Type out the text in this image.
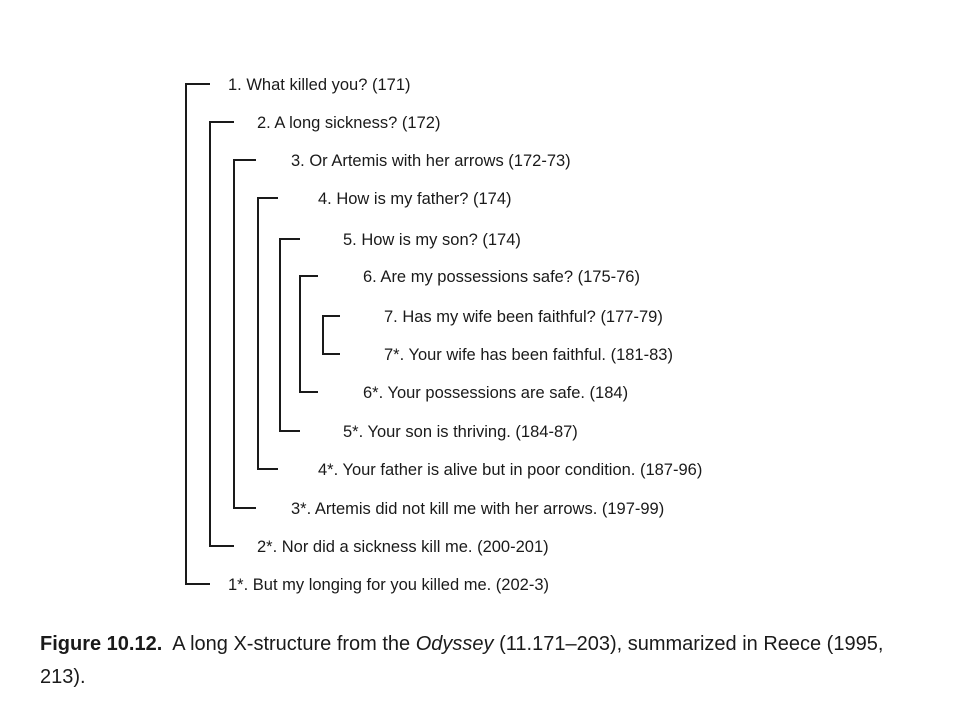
1. What killed you? (171)
2. A long sickness? (172)
3. Or Artemis with her arrows (172-73)
4. How is my father? (174)
5. How is my son? (174)
6. Are my possessions safe? (175-76)
7. Has my wife been faithful? (177-79)
7*. Your wife has been faithful. (181-83)
6*. Your possessions are safe. (184)
5*. Your son is thriving. (184-87)
4*. Your father is alive but in poor condition. (187-96)
3*. Artemis did not kill me with her arrows. (197-99)
2*. Nor did a sickness kill me. (200-201)
1*. But my longing for you killed me. (202-3)
Figure 10.12. A long X-structure from the Odyssey (11.171–203), summarized in Reece (1995, 213).
